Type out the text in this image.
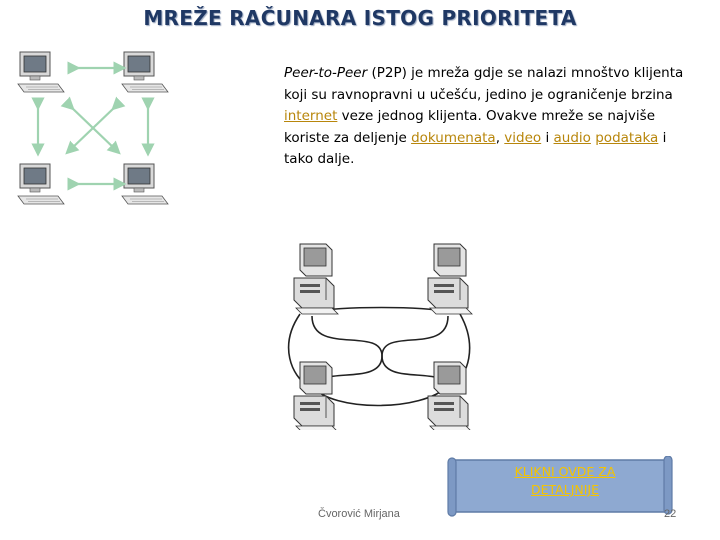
MREŽE RAČUNARA ISTOG PRIORITETA
Peer-to-Peer (P2P) je mreža gdje se nalazi mnoštvo klijenta koji su ravnopravni u učešću, jedino je ograničenje brzina internet veze jednog klijenta. Ovakve mreže se najviše koriste za deljenje dokumenata, video i audio podataka i tako dalje.
KLIKNI OVDE ZA
DETALJNIJE
Čvorović Mirjana	22
